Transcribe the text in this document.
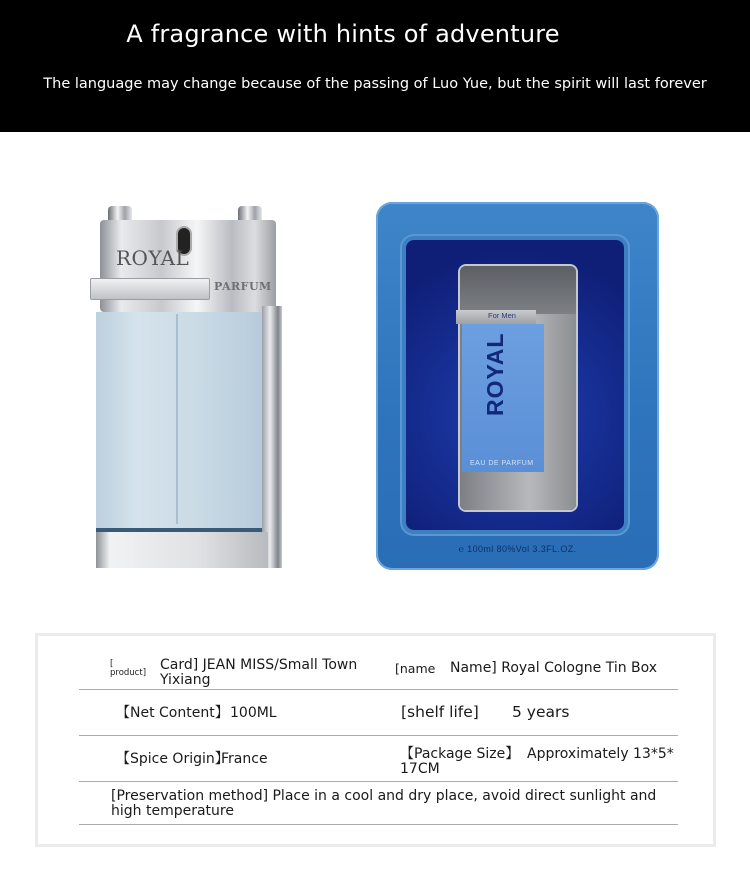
A fragrance with hints of adventure
The language may change because of the passing of Luo Yue, but the spirit will last forever
ROYAL
PARFUM
For Men
ROYAL
EAU DE PARFUM
℮ 100ml 80%Vol 3.3FL.OZ.
[
product] Card] JEAN MISS/Small Town
Yixiang
[name Name] Royal Cologne Tin Box
【Net Content】 100ML	[shelf life] 5 years
【Spice Origin】
France	【Package Size】 Approximately 13*5*
17CM
[Preservation method] Place in a cool and dry place, avoid direct sunlight and
high temperature
